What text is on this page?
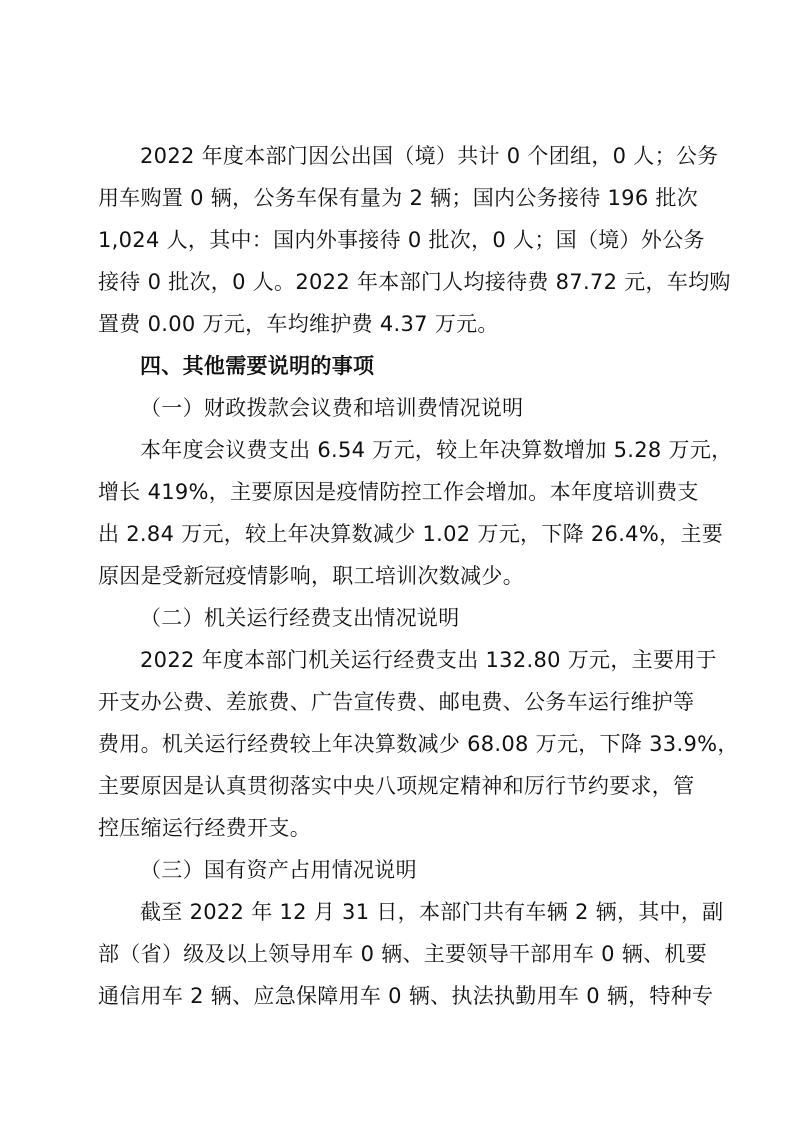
2022 年度本部门因公出国（境）共计 0 个团组，0 人；公务
用车购置 0 辆，公务车保有量为 2 辆；国内公务接待 196 批次
1,024 人，其中：国内外事接待 0 批次，0 人；国（境）外公务
接待 0 批次，0 人。2022 年本部门人均接待费 87.72 元，车均购
置费 0.00 万元，车均维护费 4.37 万元。
四、其他需要说明的事项
（一）财政拨款会议费和培训费情况说明
本年度会议费支出 6.54 万元，较上年决算数增加 5.28 万元，
增长 419%，主要原因是疫情防控工作会增加。本年度培训费支
出 2.84 万元，较上年决算数减少 1.02 万元，下降 26.4%，主要
原因是受新冠疫情影响，职工培训次数减少。
（二）机关运行经费支出情况说明
2022 年度本部门机关运行经费支出 132.80 万元，主要用于
开支办公费、差旅费、广告宣传费、邮电费、公务车运行维护等
费用。机关运行经费较上年决算数减少 68.08 万元，下降 33.9%，
主要原因是认真贯彻落实中央八项规定精神和厉行节约要求，管
控压缩运行经费开支。
（三）国有资产占用情况说明
截至 2022 年 12 月 31 日，本部门共有车辆 2 辆，其中，副
部（省）级及以上领导用车 0 辆、主要领导干部用车 0 辆、机要
通信用车 2 辆、应急保障用车 0 辆、执法执勤用车 0 辆，特种专
